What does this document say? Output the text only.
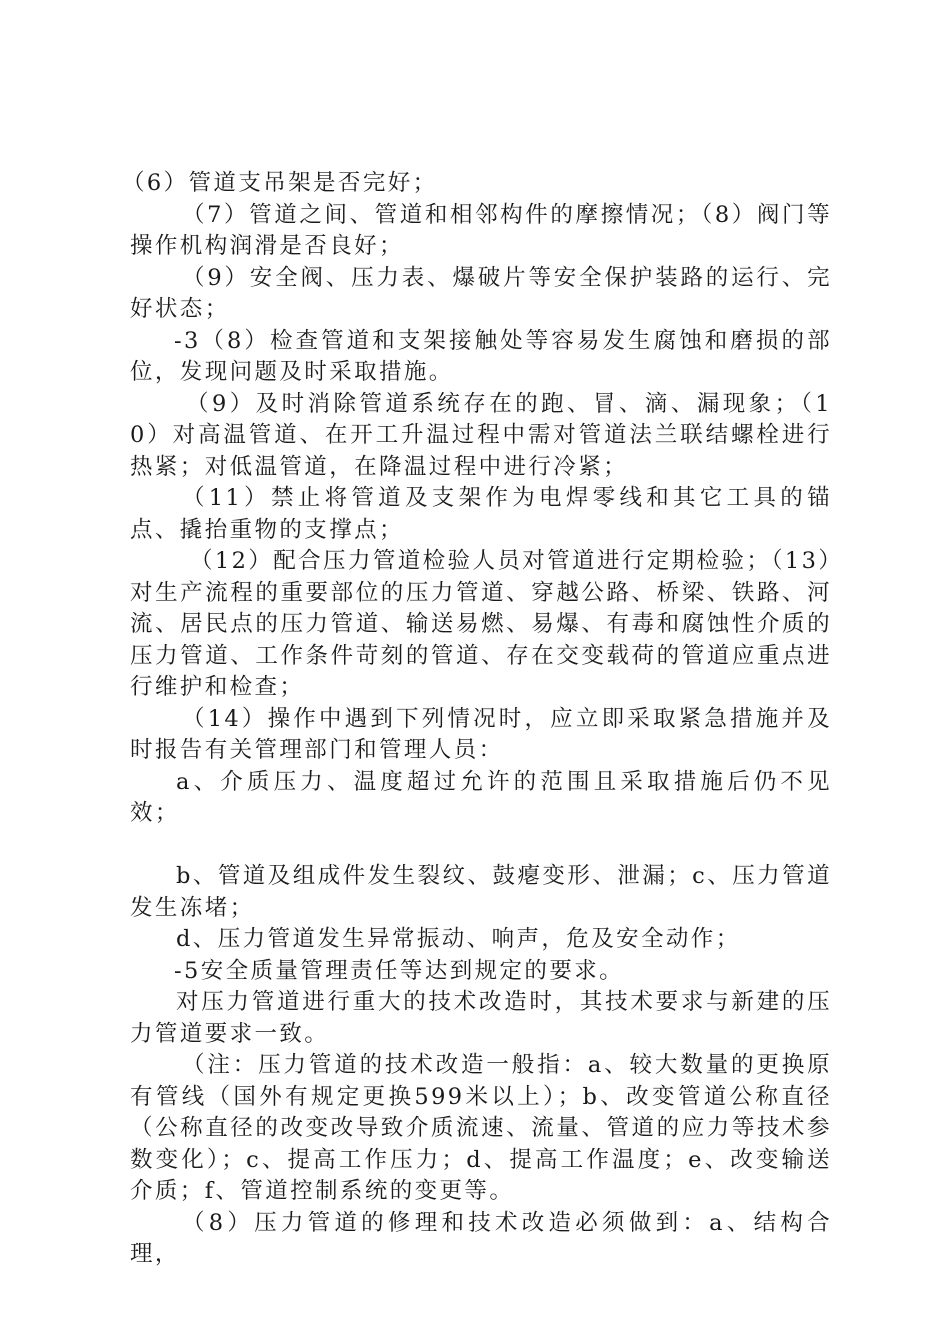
（6）管道支吊架是否完好；

（7）管道之间、管道和相邻构件的摩擦情况；（8）阀门等操作机构润滑是否良好；

（9）安全阀、压力表、爆破片等安全保护装路的运行、完好状态；

-3（8）检查管道和支架接触处等容易发生腐蚀和磨损的部位，发现问题及时采取措施。

（9）及时消除管道系统存在的跑、冒、滴、漏现象；（10）对高温管道、在开工升温过程中需对管道法兰联结螺栓进行热紧；对低温管道，在降温过程中进行冷紧；

（11）禁止将管道及支架作为电焊零线和其它工具的锚点、撬抬重物的支撑点；

（12）配合压力管道检验人员对管道进行定期检验；（13）对生产流程的重要部位的压力管道、穿越公路、桥梁、铁路、河流、居民点的压力管道、输送易燃、易爆、有毒和腐蚀性介质的压力管道、工作条件苛刻的管道、存在交变载荷的管道应重点进行维护和检查；

（14）操作中遇到下列情况时，应立即采取紧急措施并及时报告有关管理部门和管理人员：

a、介质压力、温度超过允许的范围且采取措施后仍不见效；

b、管道及组成件发生裂纹、鼓瘪变形、泄漏；c、压力管道发生冻堵；

d、压力管道发生异常振动、响声，危及安全动作；

-5安全质量管理责任等达到规定的要求。

对压力管道进行重大的技术改造时，其技术要求与新建的压力管道要求一致。

（注：压力管道的技术改造一般指：a、较大数量的更换原有管线（国外有规定更换599米以上）；b、改变管道公称直径（公称直径的改变改导致介质流速、流量、管道的应力等技术参数变化）；c、提高工作压力；d、提高工作温度；e、改变输送介质；f、管道控制系统的变更等。

（8）压力管道的修理和技术改造必须做到：a、结构合理，
